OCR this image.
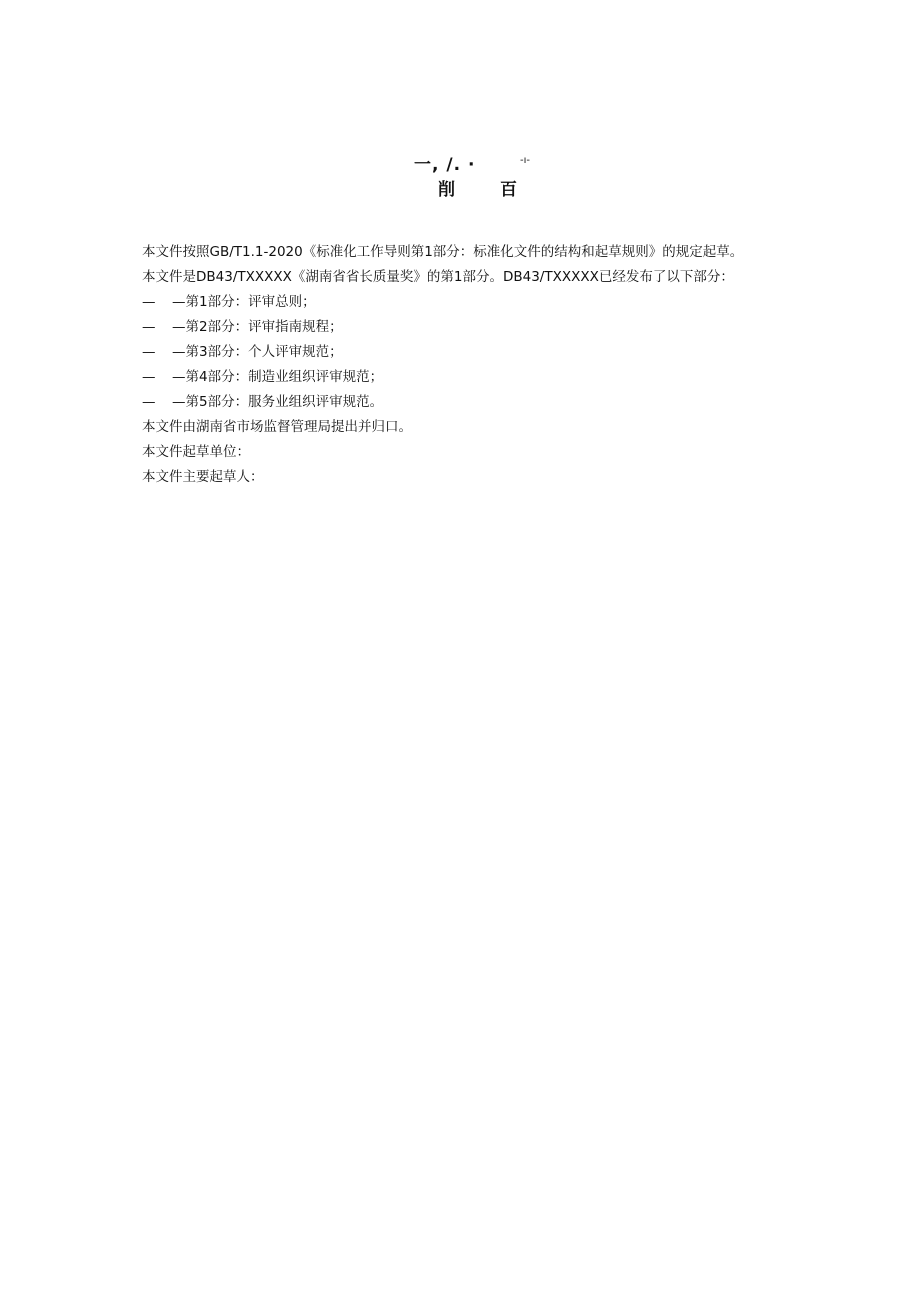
一, /. ·	-ı-
削	百
本文件按照GB/T1.1-2020《标准化工作导则第1部分：标准化文件的结构和起草规则》的规定起草。
本文件是DB43/TXXXXX《湖南省省长质量奖》的第1部分。DB43/TXXXXX已经发布了以下部分：
—	—第1部分：评审总则；
—	—第2部分：评审指南规程；
—	—第3部分：个人评审规范；
—	—第4部分：制造业组织评审规范；
—	—第5部分：服务业组织评审规范。
本文件由湖南省市场监督管理局提出并归口。
本文件起草单位：
本文件主要起草人：
